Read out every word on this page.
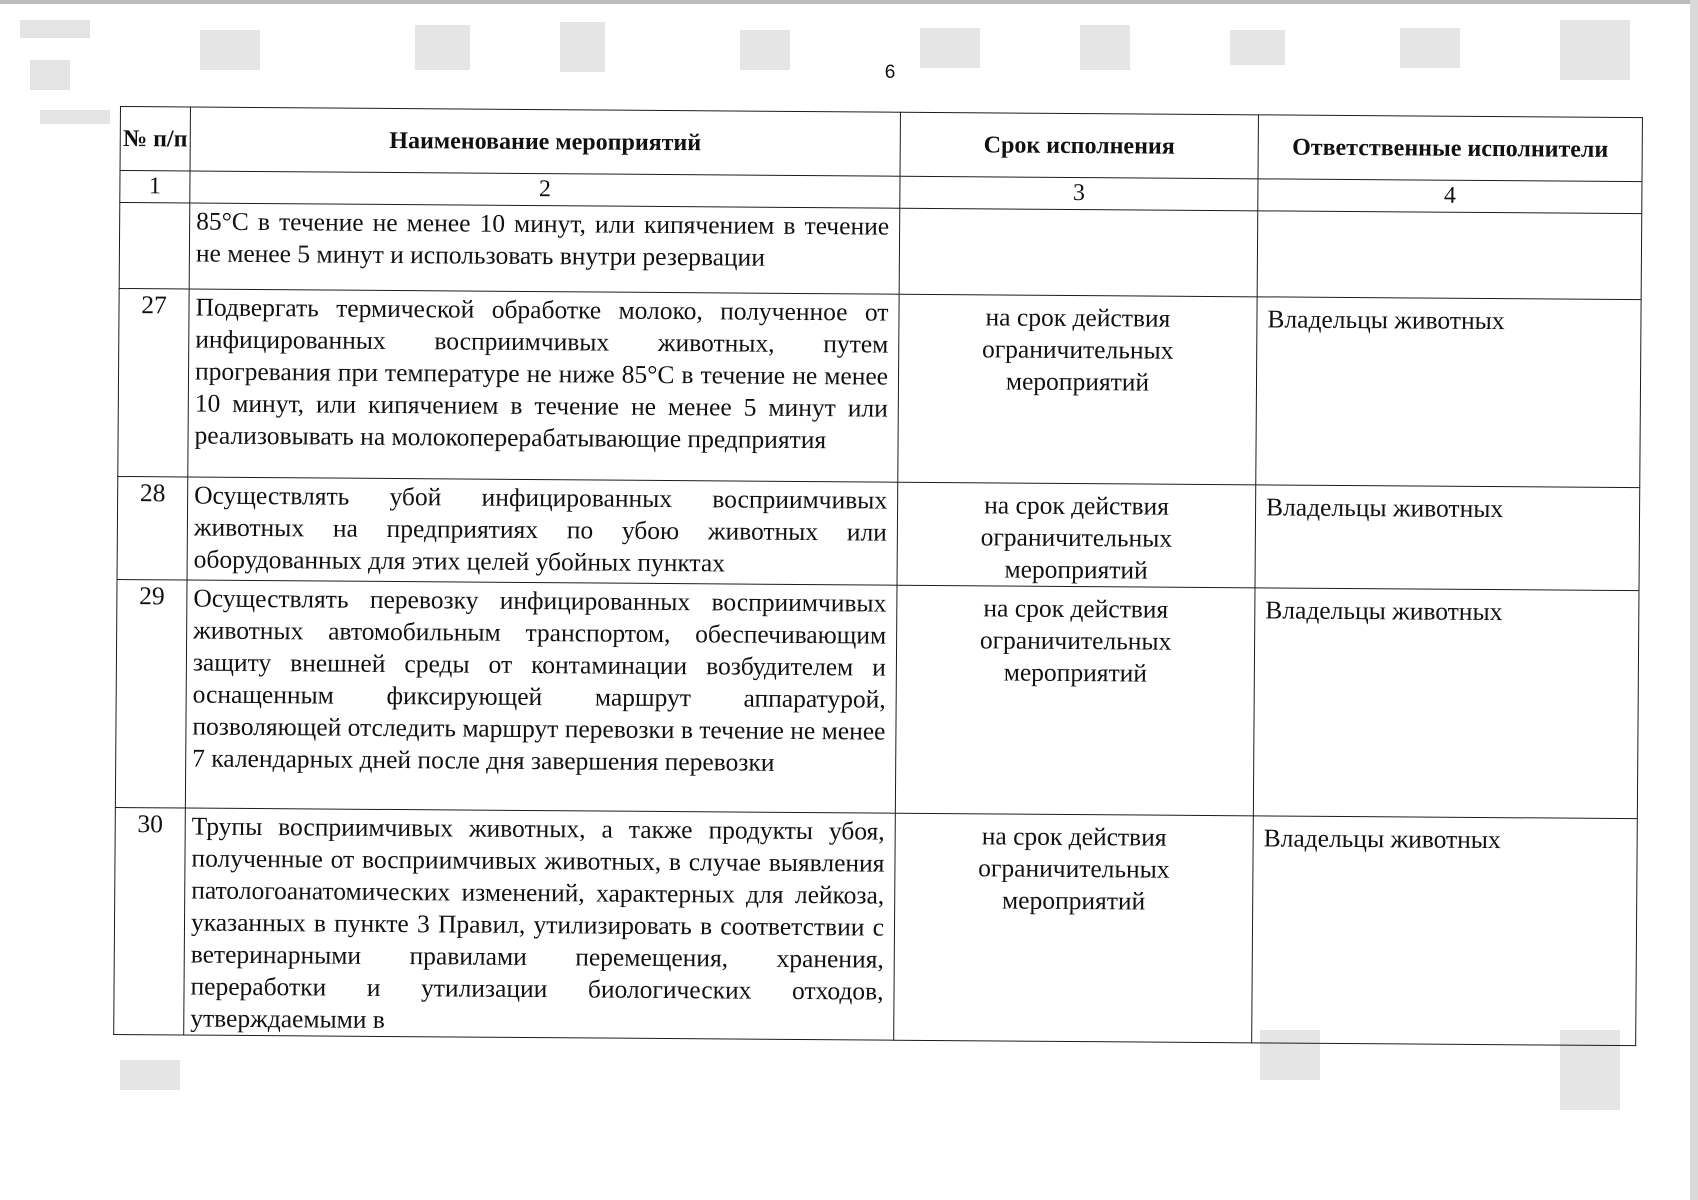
6
№ п/п	Наименование мероприятий	Срок исполнения	Ответственные исполнители
1	2	3	4
	85°C в течение не менее 10 минут, или кипячением в течение не менее 5 минут и использовать внутри резервации		
27	Подвергать термической обработке молоко, полученное от инфицированных восприимчивых животных, путем прогревания при температуре не ниже 85°C в течение не менее 10 минут, или кипячением в течение не менее 5 минут или реализовывать на молокоперерабатывающие предприятия	на срок действия ограничительных мероприятий	Владельцы животных
28	Осуществлять убой инфицированных восприимчивых животных на предприятиях по убою животных или оборудованных для этих целей убойных пунктах	на срок действия ограничительных мероприятий	Владельцы животных
29	Осуществлять перевозку инфицированных восприимчивых животных автомобильным транспортом, обеспечивающим защиту внешней среды от контаминации возбудителем и оснащенным фиксирующей маршрут аппаратурой, позволяющей отследить маршрут перевозки в течение не менее 7 календарных дней после дня завершения перевозки	на срок действия ограничительных мероприятий	Владельцы животных
30	Трупы восприимчивых животных, а также продукты убоя, полученные от восприимчивых животных, в случае выявления патологоанатомических изменений, характерных для лейкоза, указанных в пункте 3 Правил, утилизировать в соответствии с ветеринарными правилами перемещения, хранения, переработки и утилизации биологических отходов, утверждаемыми в	на срок действия ограничительных мероприятий	Владельцы животных
